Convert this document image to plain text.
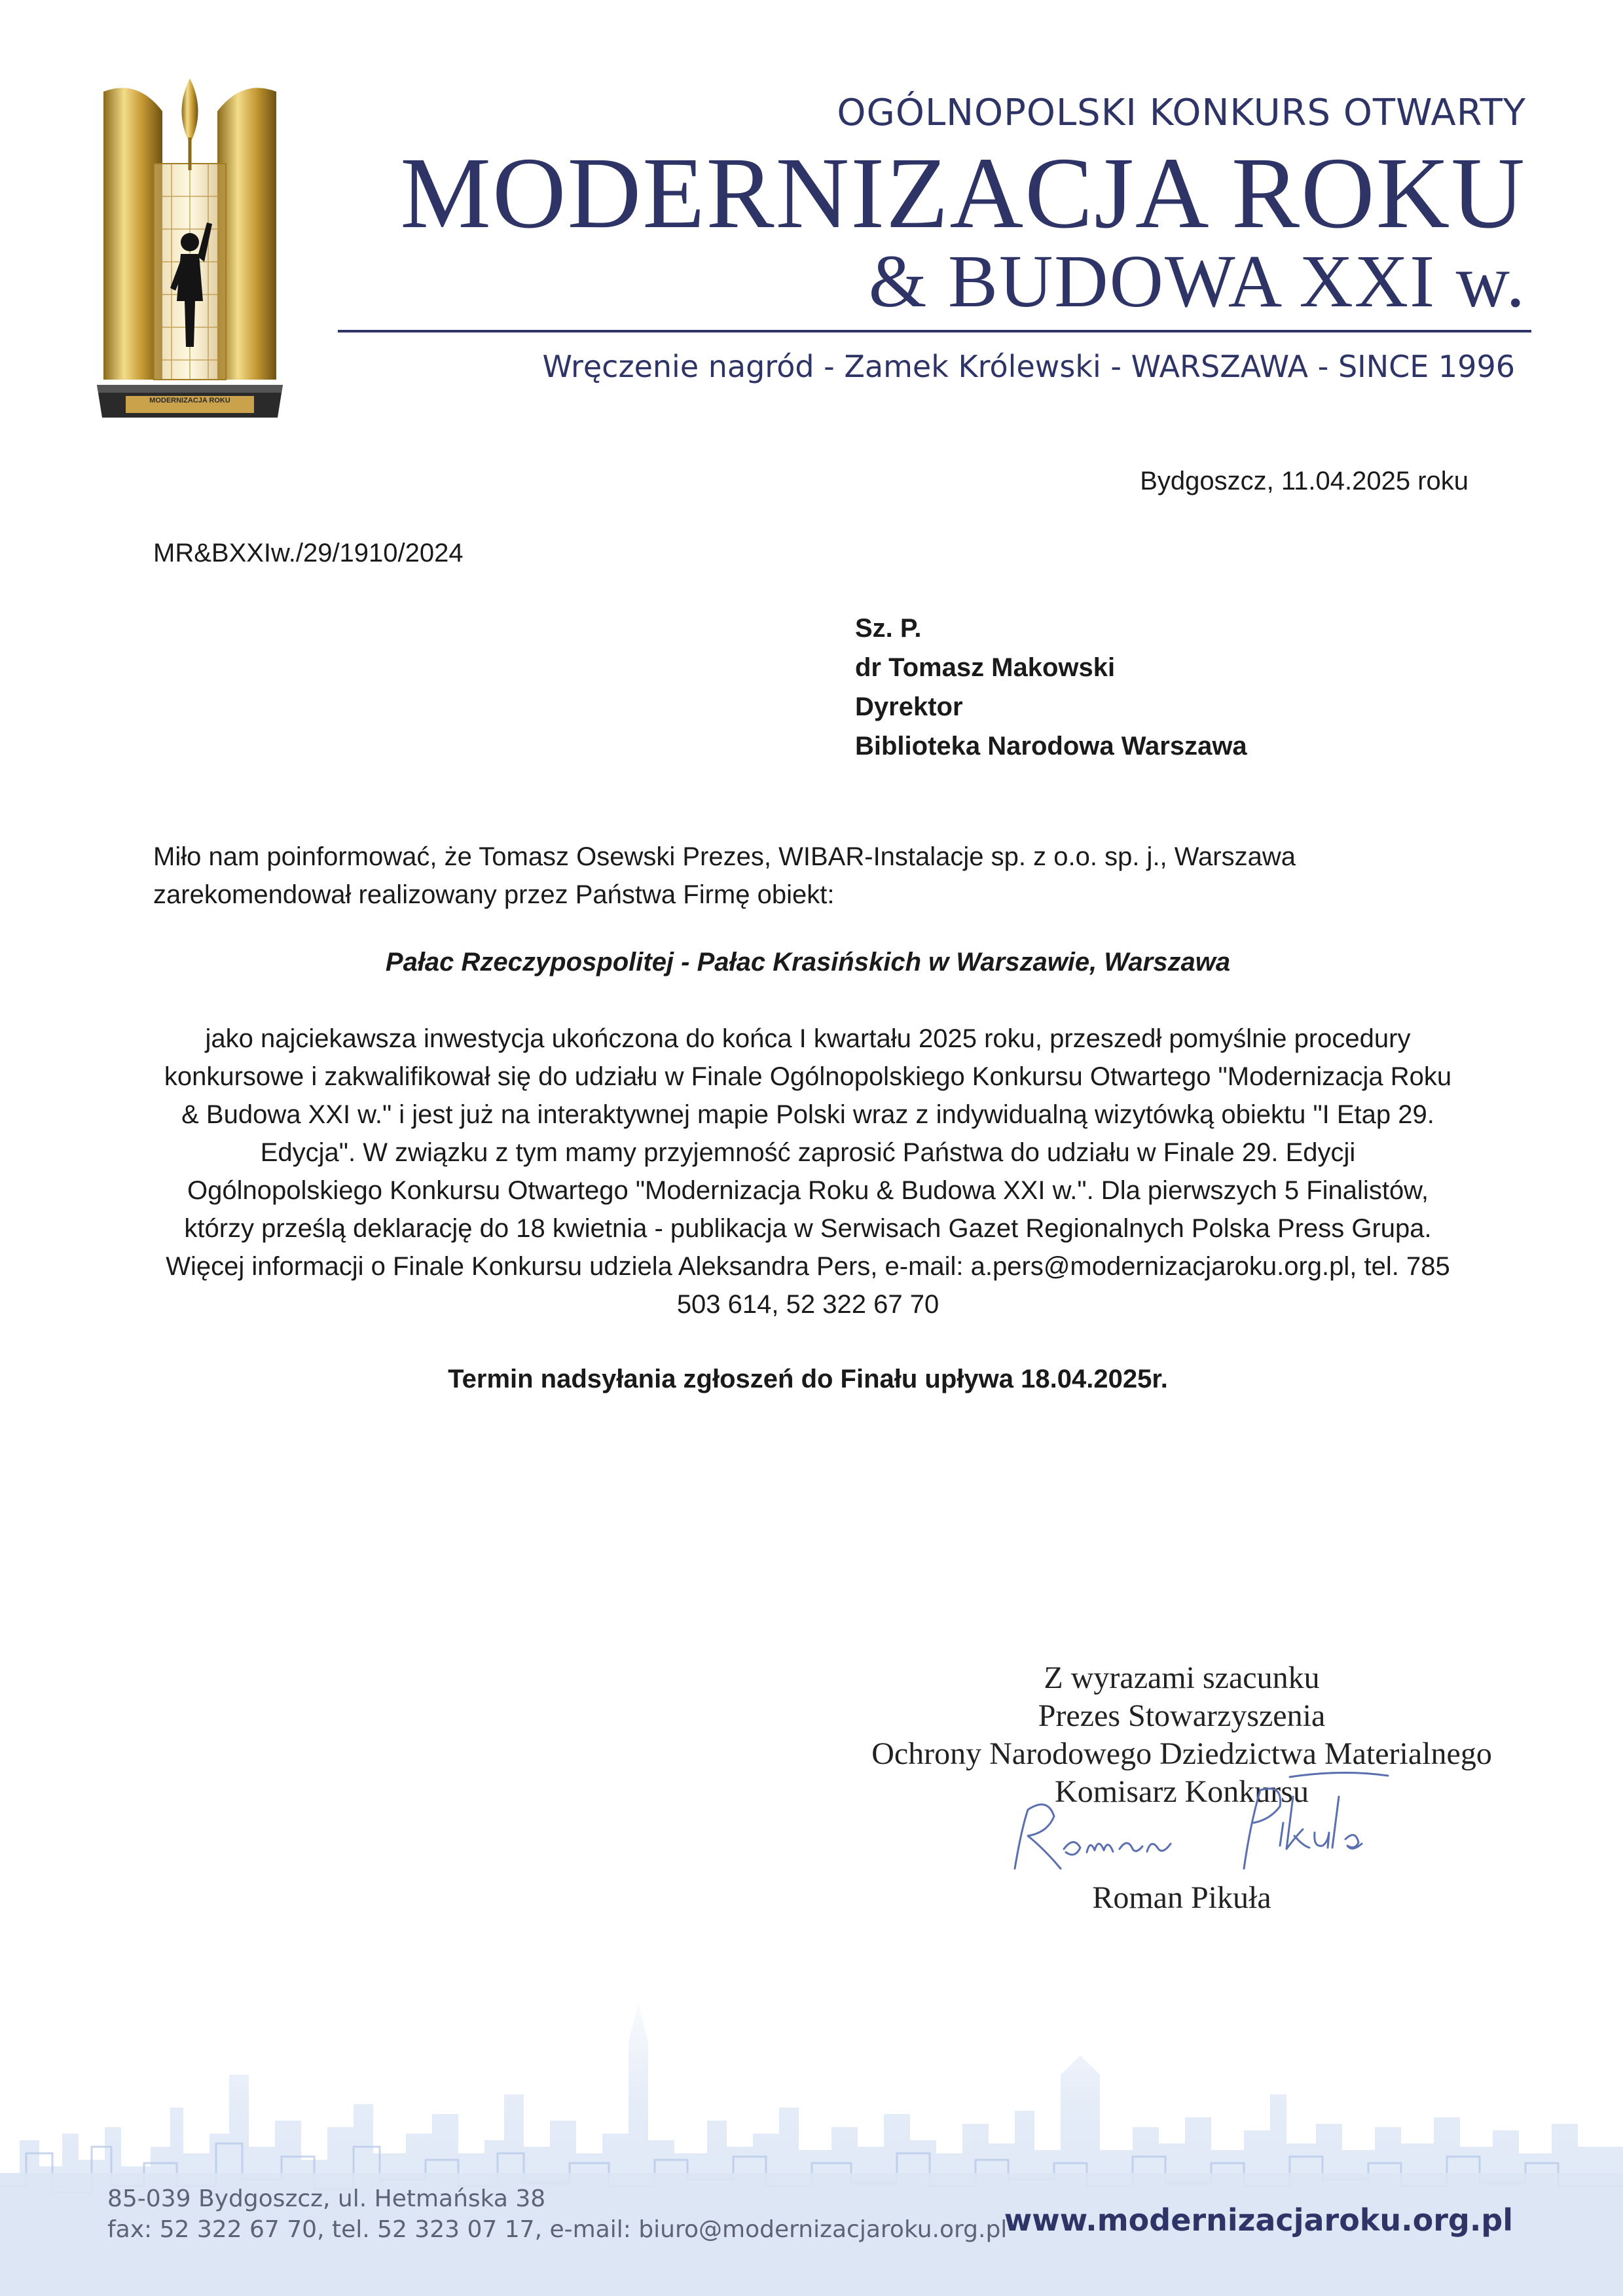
MODERNIZACJA ROKU
OGÓLNOPOLSKI KONKURS OTWARTY
MODERNIZACJA ROKU
& BUDOWA XXI w.
Wręczenie nagród - Zamek Królewski - WARSZAWA - SINCE 1996
Bydgoszcz, 11.04.2025 roku
MR&BXXIw./29/1910/2024
Sz. P.
dr Tomasz Makowski
Dyrektor
Biblioteka Narodowa Warszawa
Miło nam poinformować, że Tomasz Osewski Prezes, WIBAR-Instalacje sp. z o.o. sp. j., Warszawa
zarekomendował realizowany przez Państwa Firmę obiekt:
Pałac Rzeczypospolitej - Pałac Krasińskich w Warszawie, Warszawa
jako najciekawsza inwestycja ukończona do końca I kwartału 2025 roku, przeszedł pomyślnie procedury
konkursowe i zakwalifikował się do udziału w Finale Ogólnopolskiego Konkursu Otwartego "Modernizacja Roku
& Budowa XXI w." i jest już na interaktywnej mapie Polski wraz z indywidualną wizytówką obiektu "I Etap 29.
Edycja". W związku z tym mamy przyjemność zaprosić Państwa do udziału w Finale 29. Edycji
Ogólnopolskiego Konkursu Otwartego "Modernizacja Roku & Budowa XXI w.". Dla pierwszych 5 Finalistów,
którzy prześlą deklarację do 18 kwietnia - publikacja w Serwisach Gazet Regionalnych Polska Press Grupa.
Więcej informacji o Finale Konkursu udziela Aleksandra Pers, e-mail: a.pers@modernizacjaroku.org.pl, tel. 785
503 614, 52 322 67 70
Termin nadsyłania zgłoszeń do Finału upływa 18.04.2025r.
Z wyrazami szacunku
Prezes Stowarzyszenia
Ochrony Narodowego Dziedzictwa Materialnego
Komisarz Konkursu
Roman Pikuła
85-039 Bydgoszcz, ul. Hetmańska 38
fax: 52 322 67 70, tel. 52 323 07 17, e-mail: biuro@modernizacjaroku.org.pl
www.modernizacjaroku.org.pl
